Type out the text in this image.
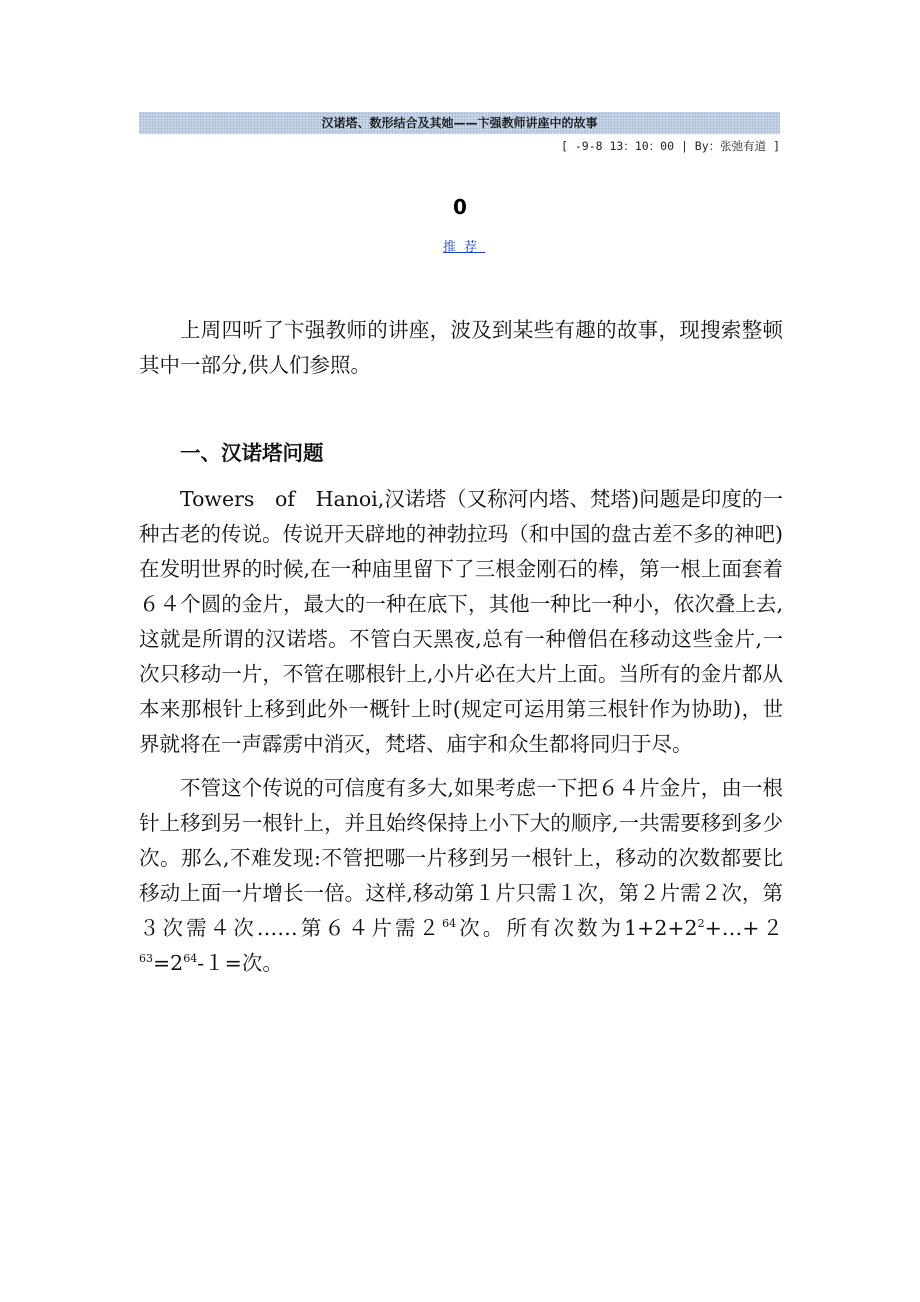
汉诺塔、数形结合及其她——卞强教师讲座中的故事
[ -9-8 13：10：00 | By：张弛有道 ]
0
推荐

上周四听了卞强教师的讲座，波及到某些有趣的故事，现搜索整顿其中一部分,供人们参照。

一、汉诺塔问题

Towers　of　Hanoi,汉诺塔（又称河内塔、梵塔)问题是印度的一种古老的传说。传说开天辟地的神勃拉玛（和中国的盘古差不多的神吧)在发明世界的时候,在一种庙里留下了三根金刚石的棒，第一根上面套着６４个圆的金片，最大的一种在底下，其他一种比一种小，依次叠上去,这就是所谓的汉诺塔。不管白天黑夜,总有一种僧侣在移动这些金片,一次只移动一片，不管在哪根针上,小片必在大片上面。当所有的金片都从本来那根针上移到此外一概针上时(规定可运用第三根针作为协助)，世界就将在一声霹雳中消灭，梵塔、庙宇和众生都将同归于尽。

不管这个传说的可信度有多大,如果考虑一下把６４片金片，由一根针上移到另一根针上，并且始终保持上小下大的顺序,一共需要移到多少次。那么,不难发现:不管把哪一片移到另一根针上，移动的次数都要比移动上面一片增长一倍。这样,移动第１片只需１次，第２片需２次，第３次需４次……第６４片需$2^{64}$次。所有次数为$1+2+2^2+\dots+2^{63}=2^{64}-1=$次。
